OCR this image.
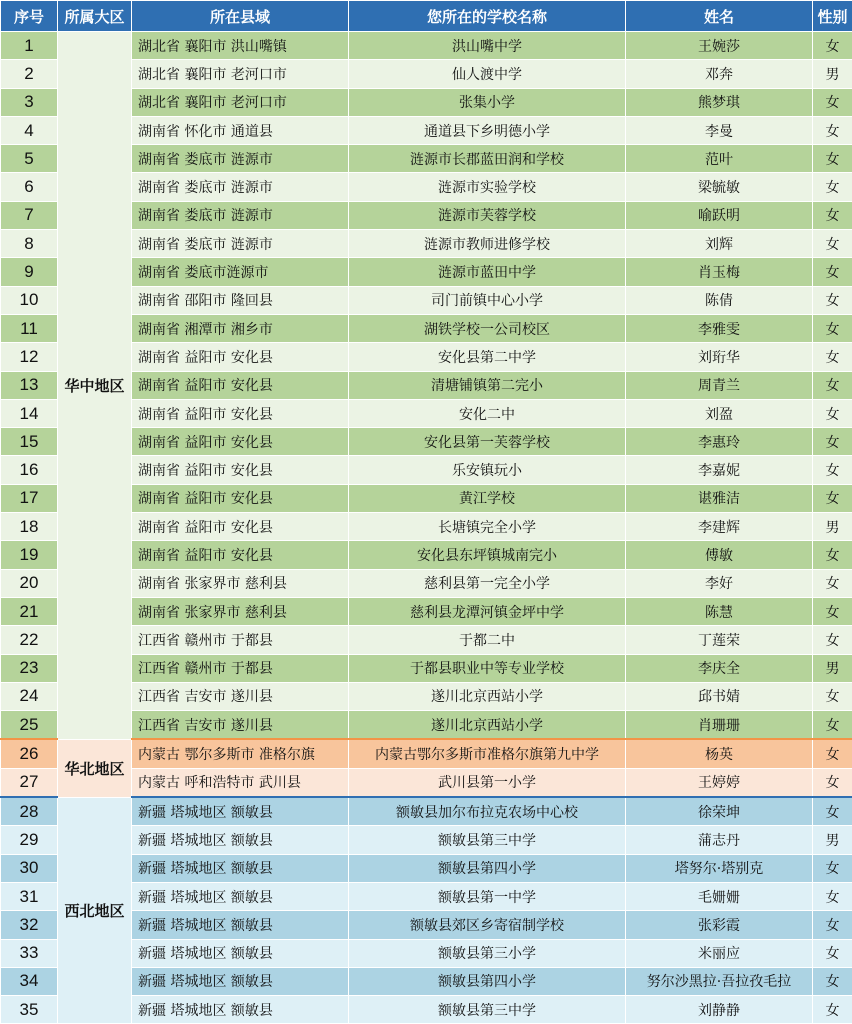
序号	所属大区	所在县域	您所在的学校名称	姓名	性别
1	华中地区	湖北省 襄阳市 洪山嘴镇	洪山嘴中学	王婉莎	女
2		湖北省 襄阳市 老河口市	仙人渡中学	邓奔	男
3		湖北省 襄阳市 老河口市	张集小学	熊梦琪	女
4		湖南省 怀化市 通道县	通道县下乡明德小学	李曼	女
5		湖南省 娄底市 涟源市	涟源市长郡蓝田润和学校	范叶	女
6		湖南省 娄底市 涟源市	涟源市实验学校	梁毓敏	女
7		湖南省 娄底市 涟源市	涟源市芙蓉学校	喻跃明	女
8		湖南省 娄底市 涟源市	涟源市教师进修学校	刘辉	女
9		湖南省 娄底市涟源市	涟源市蓝田中学	肖玉梅	女
10		湖南省 邵阳市 隆回县	司门前镇中心小学	陈倩	女
11		湖南省 湘潭市 湘乡市	湖铁学校一公司校区	李雅雯	女
12		湖南省 益阳市 安化县	安化县第二中学	刘珩华	女
13		湖南省 益阳市 安化县	清塘铺镇第二完小	周青兰	女
14		湖南省 益阳市 安化县	安化二中	刘盈	女
15		湖南省 益阳市 安化县	安化县第一芙蓉学校	李惠玲	女
16		湖南省 益阳市 安化县	乐安镇玩小	李嘉妮	女
17		湖南省 益阳市 安化县	黄江学校	谌雅洁	女
18		湖南省 益阳市 安化县	长塘镇完全小学	李建辉	男
19		湖南省 益阳市 安化县	安化县东坪镇城南完小	傅敏	女
20		湖南省 张家界市 慈利县	慈利县第一完全小学	李好	女
21		湖南省 张家界市 慈利县	慈利县龙潭河镇金坪中学	陈慧	女
22		江西省 赣州市 于都县	于都二中	丁莲荣	女
23		江西省 赣州市 于都县	于都县职业中等专业学校	李庆全	男
24		江西省 吉安市 遂川县	遂川北京西站小学	邱书婧	女
25		江西省 吉安市 遂川县	遂川北京西站小学	肖珊珊	女
26	华北地区	内蒙古 鄂尔多斯市 准格尔旗	内蒙古鄂尔多斯市准格尔旗第九中学	杨英	女
27		内蒙古 呼和浩特市 武川县	武川县第一小学	王婷婷	女
28	西北地区	新疆 塔城地区 额敏县	额敏县加尔布拉克农场中心校	徐荣坤	女
29		新疆 塔城地区 额敏县	额敏县第三中学	蒲志丹	男
30		新疆 塔城地区 额敏县	额敏县第四小学	塔努尔·塔别克	女
31		新疆 塔城地区 额敏县	额敏县第一中学	毛姗姗	女
32		新疆 塔城地区 额敏县	额敏县郊区乡寄宿制学校	张彩霞	女
33		新疆 塔城地区 额敏县	额敏县第三小学	米丽应	女
34		新疆 塔城地区 额敏县	额敏县第四小学	努尔沙黑拉·吾拉孜毛拉	女
35		新疆 塔城地区 额敏县	额敏县第三中学	刘静静	女
